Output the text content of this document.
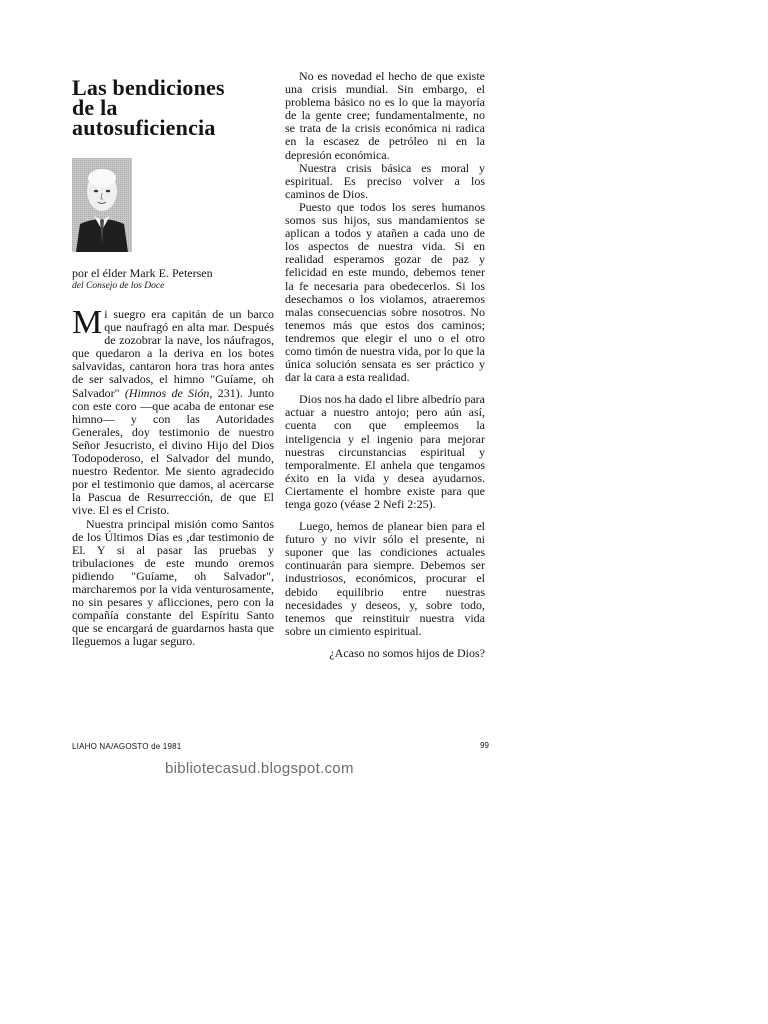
Las bendiciones
de la
autosuficiencia
por el élder Mark E. Petersen
del Consejo de los Doce

Mi suegro era capitán de un barco que naufragó en alta mar. Después de zozobrar la nave, los náufragos, que quedaron a la deriva en los botes salvavidas, cantaron hora tras hora antes de ser salvados, el himno "Guíame, oh Salvador" (Himnos de Sión, 231). Junto con este coro —que acaba de entonar ese himno— y con las Autoridades Generales, doy testimonio de nuestro Señor Jesucristo, el divino Hijo del Dios Todopoderoso, el Salvador del mundo, nuestro Redentor. Me siento agradecido por el testimonio que damos, al acercarse la Pascua de Resurrección, de que El vive. El es el Cristo.

Nuestra principal misión como Santos de los Últimos Días es ,dar testimonio de El. Y si al pasar las pruebas y tribulaciones de este mundo oremos pidiendo "Guíame, oh Salvador", marcharemos por la vida venturosamente, no sin pesares y aflicciones, pero con la compañía constante del Espíritu Santo que se encargará de guardarnos hasta que lleguemos a lugar seguro.

No es novedad el hecho de que existe una crisis mundial. Sin embargo, el problema básico no es lo que la mayoría de la gente cree; fundamentalmente, no se trata de la crisis económica ni radica en la escasez de petróleo ni en la depresión económica.

Nuestra crisis básica es moral y espiritual. Es preciso volver a los caminos de Dios.

Puesto que todos los seres humanos somos sus hijos, sus mandamientos se aplican a todos y atañen a cada uno de los aspectos de nuestra vida. Si en realidad esperamos gozar de paz y felicidad en este mundo, debemos tener la fe necesaria para obedecerlos. Si los desechamos o los violamos, atraeremos malas consecuencias sobre nosotros. No tenemos más que estos dos caminos; tendremos que elegir el uno o el otro como timón de nuestra vida, por lo que la única solución sensata es ser práctico y dar la cara a esta realidad.

Dios nos ha dado el libre albedrío para actuar a nuestro antojo; pero aún así, cuenta con que empleemos la inteligencia y el ingenio para mejorar nuestras circunstancias espiritual y temporalmente. El anhela que tengamos éxito en la vida y desea ayudarnos. Ciertamente el hombre existe para que tenga gozo (véase 2 Nefi 2:25).

Luego, hemos de planear bien para el futuro y no vivir sólo el presente, ni suponer que las condiciones actuales continuarán para siempre. Debemos ser industriosos, económicos, procurar el debido equilibrio entre nuestras necesidades y deseos, y, sobre todo, tenemos que reinstituir nuestra vida sobre un cimiento espiritual.

¿Acaso no somos hijos de Dios?

LIAHO NA/AGOSTO de 1981	99
bibliotecasud.blogspot.com
